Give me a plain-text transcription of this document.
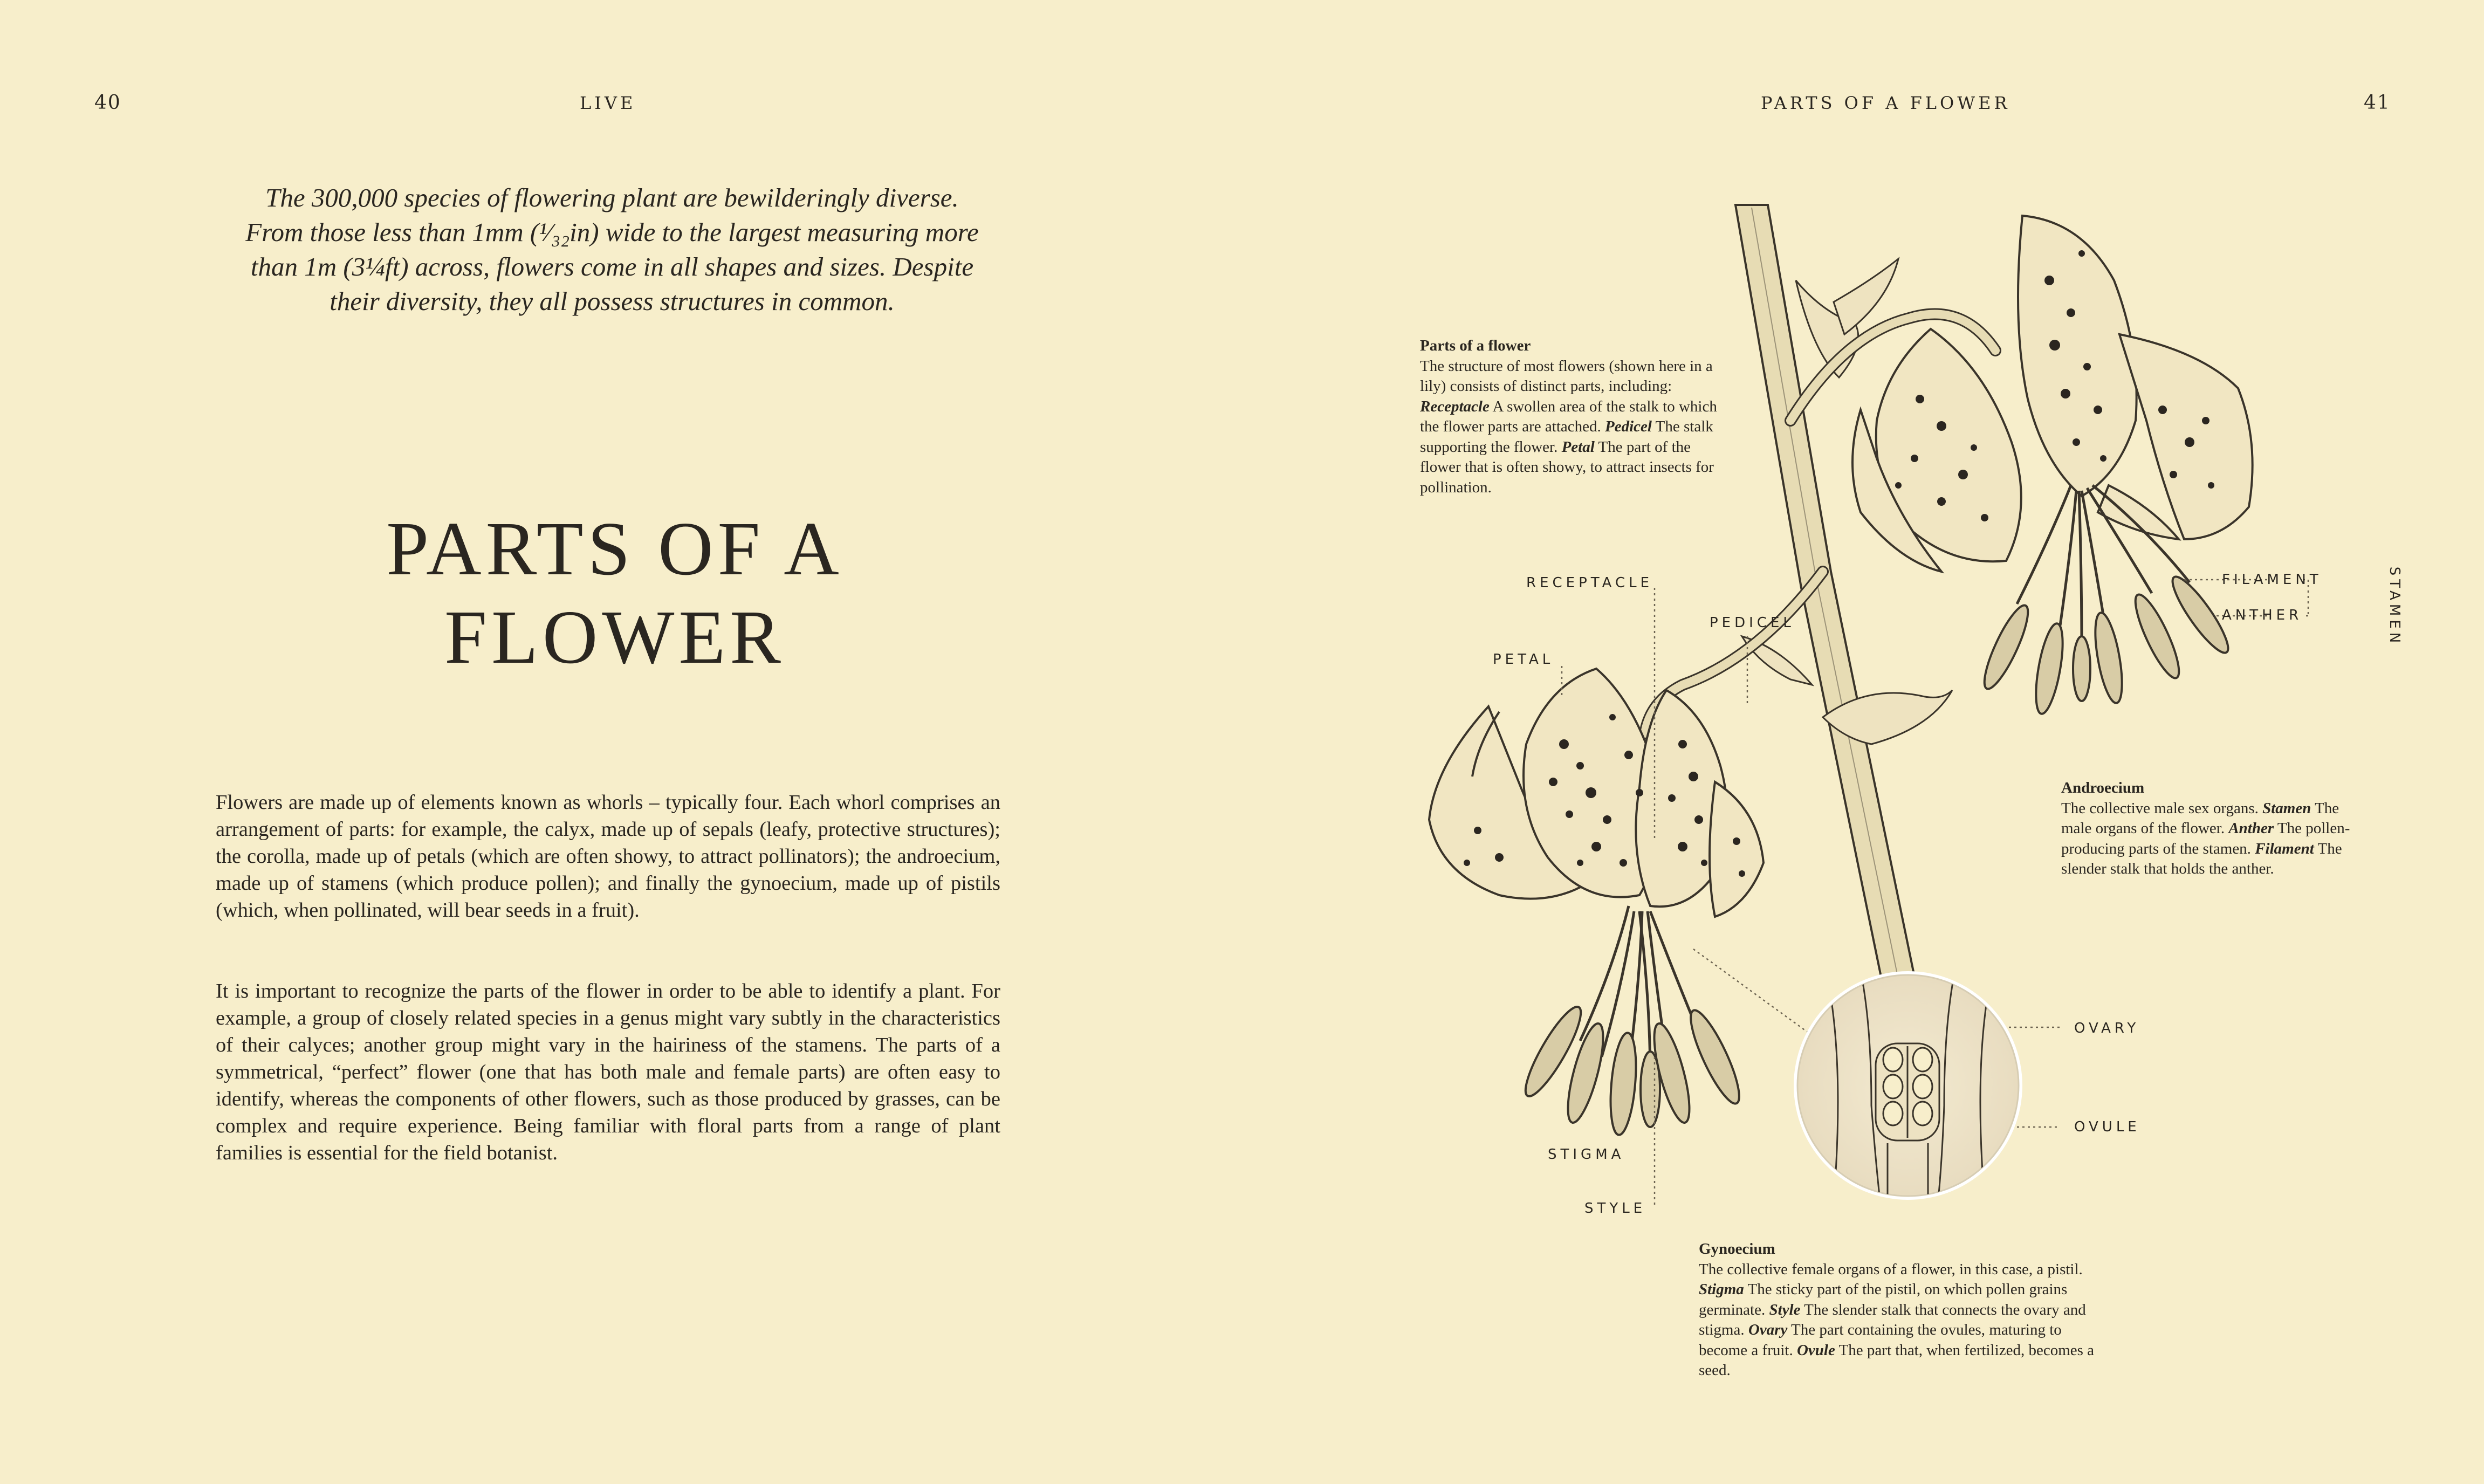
40	LIVE
The 300,000 species of flowering plant are bewilderingly diverse. From those less than 1mm (¹⁄₃₂in) wide to the largest measuring more than 1m (3¼ft) across, flowers come in all shapes and sizes. Despite their diversity, they all possess structures in common.
PARTS OF A FLOWER

Flowers are made up of elements known as whorls – typically four. Each whorl comprises an arrangement of parts: for example, the calyx, made up of sepals (leafy, protective structures); the corolla, made up of petals (which are often showy, to attract pollinators); the androecium, made up of stamens (which produce pollen); and finally the gynoecium, made up of pistils (which, when pollinated, will bear seeds in a fruit).

It is important to recognize the parts of the flower in order to be able to identify a plant. For example, a group of closely related species in a genus might vary subtly in the characteristics of their calyces; another group might vary in the hairiness of the stamens. The parts of a symmetrical, “perfect” flower (one that has both male and female parts) are often easy to identify, whereas the components of other flowers, such as those produced by grasses, can be complex and require experience. Being familiar with floral parts from a range of plant families is essential for the field botanist.

PARTS OF A FLOWER	41
Parts of a flower
The structure of most flowers (shown here in a lily) consists of distinct parts, including: Receptacle A swollen area of the stalk to which the flower parts are attached. Pedicel The stalk supporting the flower. Petal The part of the flower that is often showy, to attract insects for pollination.
Androecium
The collective male sex organs. Stamen The male organs of the flower. Anther The pollen-producing parts of the stamen. Filament The slender stalk that holds the anther.
Gynoecium
The collective female organs of a flower, in this case, a pistil. Stigma The sticky part of the pistil, on which pollen grains germinate. Style The slender stalk that connects the ovary and stigma. Ovary The part containing the ovules, maturing to become a fruit. Ovule The part that, when fertilized, becomes a seed.
RECEPTACLE
PEDICEL
PETAL
FILAMENT
ANTHER	STAMEN
OVARY
OVULE
STIGMA
STYLE
